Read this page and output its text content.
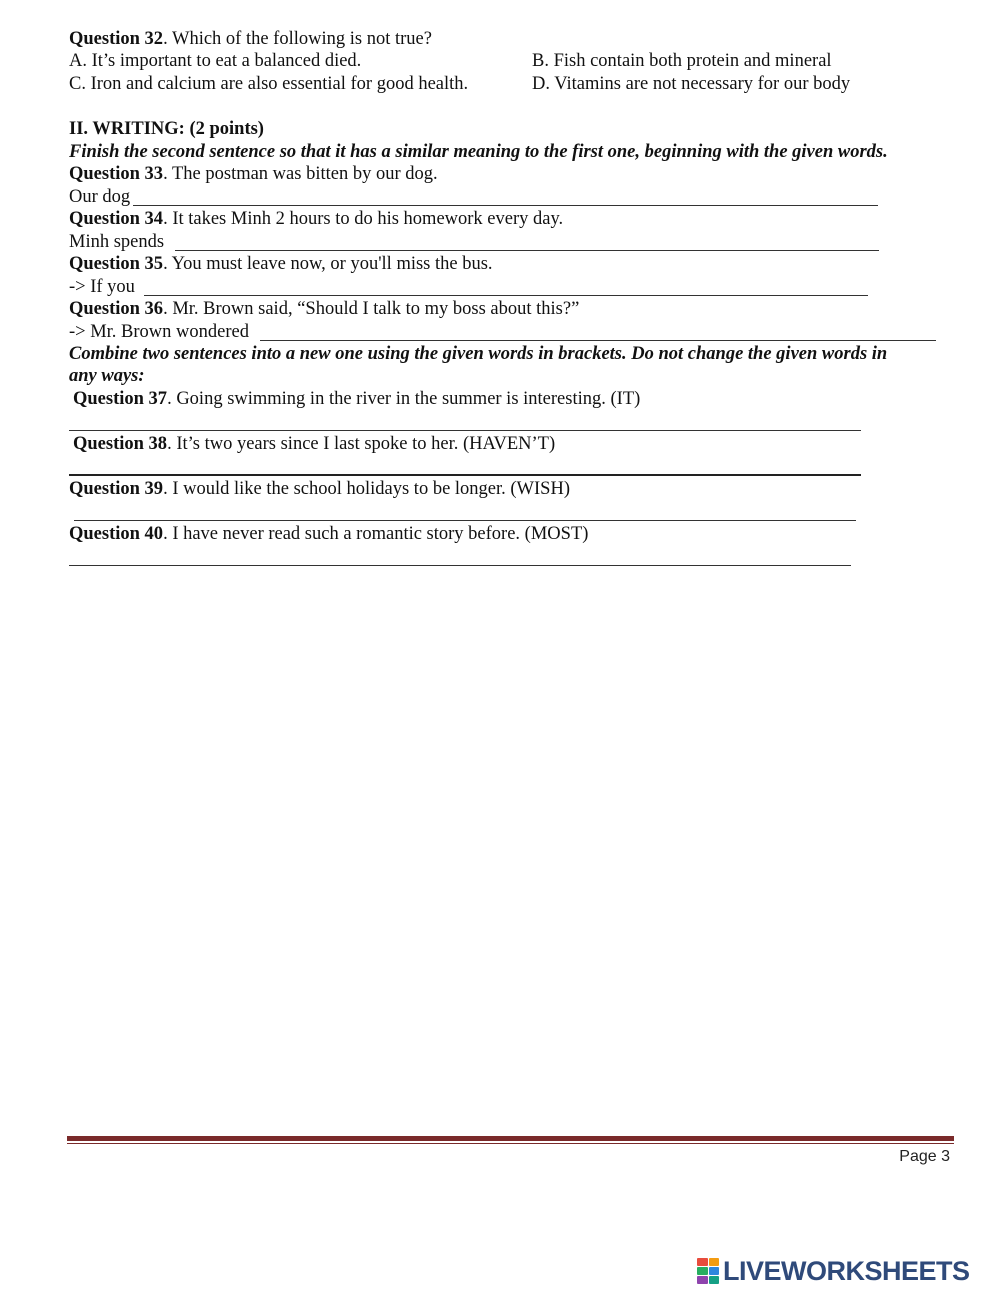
Question 32. Which of the following is not true?
A. It’s important to eat a balanced died.	B. Fish contain both protein and mineral
C. Iron and calcium are also essential for good health.	D. Vitamins are not necessary for our body
II. WRITING: (2 points)
Finish the second sentence so that it has a similar meaning to the first one, beginning with the given words.
Question 33. The postman was bitten by our dog.
Our dog
Question 34. It takes Minh 2 hours to do his homework every day.
Minh spends
Question 35. You must leave now, or you'll miss the bus.
-> If you
Question 36. Mr. Brown said, “Should I talk to my boss about this?”
-> Mr. Brown wondered
Combine two sentences into a new one using the given words in brackets. Do not change the given words in
any ways:
Question 37. Going swimming in the river in the summer is interesting. (IT)
Question 38. It’s two years since I last spoke to her. (HAVEN’T)
Question 39. I would like the school holidays to be longer. (WISH)
Question 40. I have never read such a romantic story before. (MOST)
Page 3
LIVEWORKSHEETS
